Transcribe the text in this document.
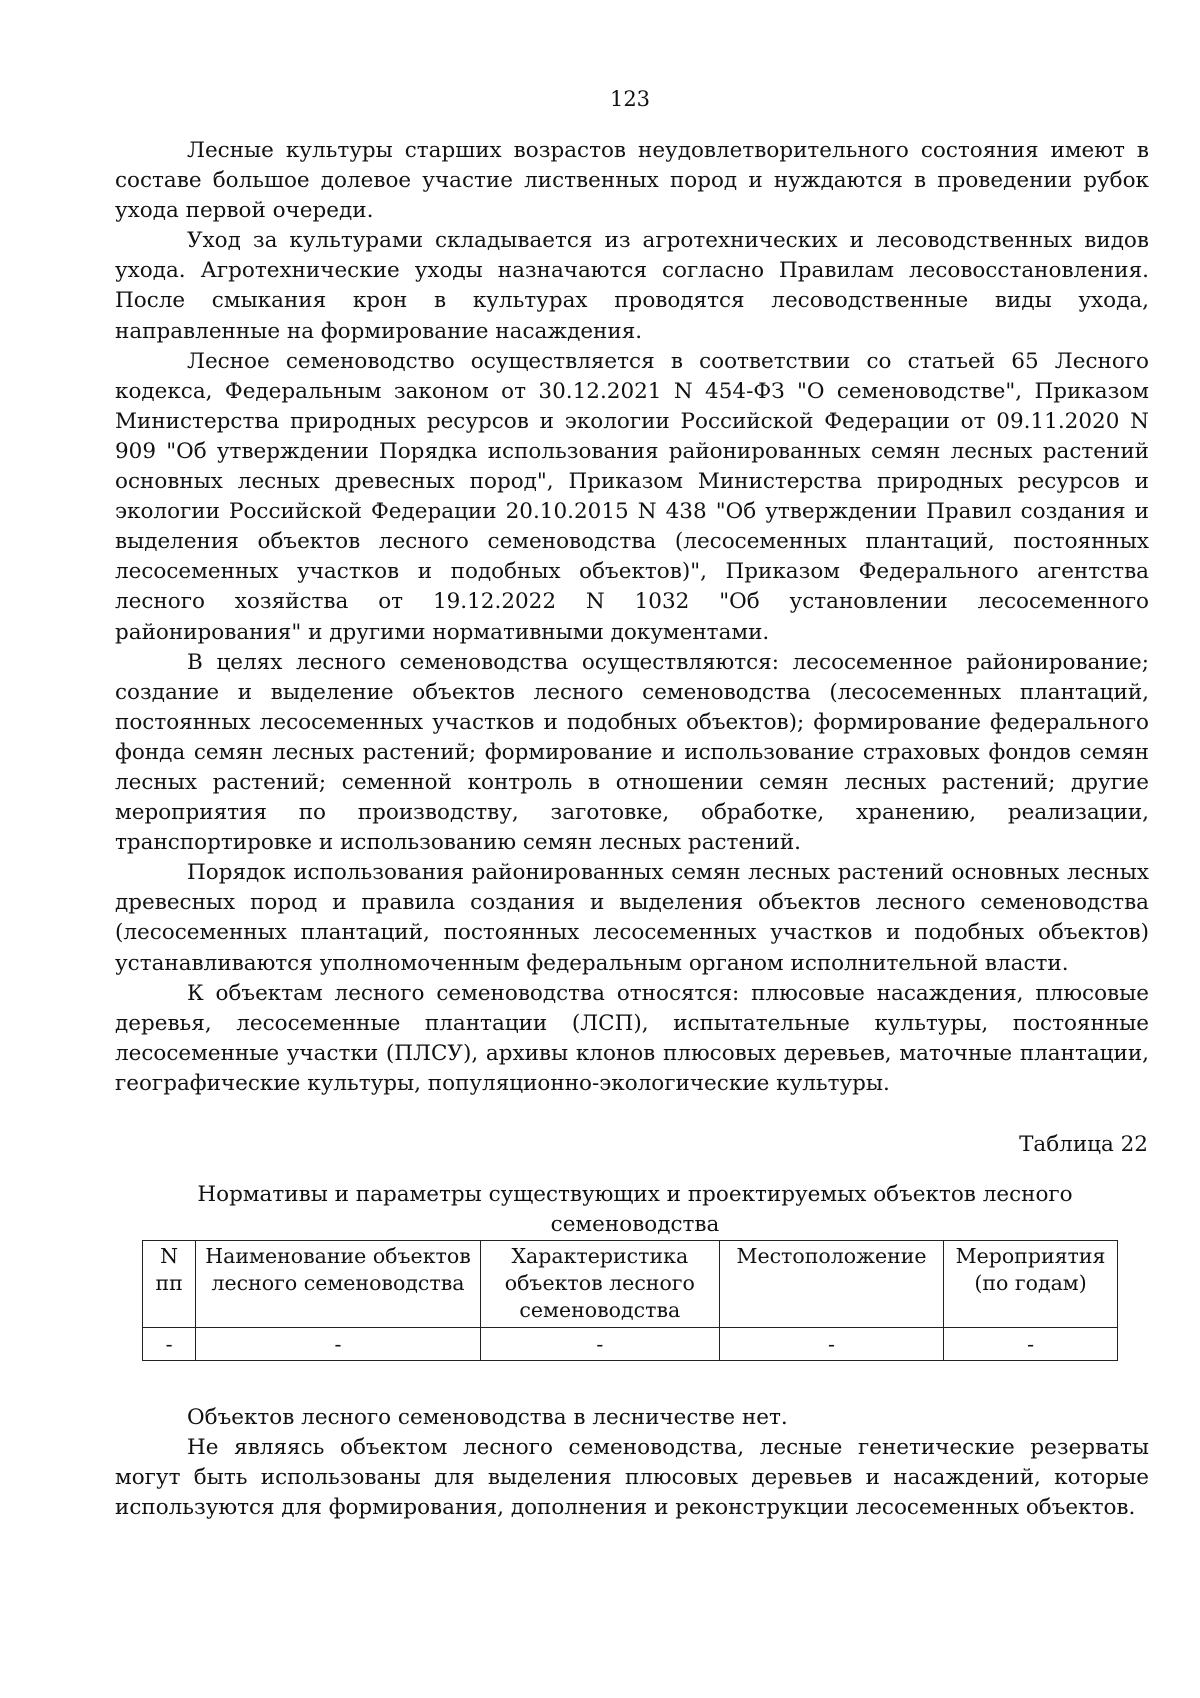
123

Лесные культуры старших возрастов неудовлетворительного состояния имеют в составе большое долевое участие лиственных пород и нуждаются в проведении рубок ухода первой очереди.

Уход за культурами складывается из агротехнических и лесоводственных видов ухода. Агротехнические уходы назначаются согласно Правилам лесовосстановления. После смыкания крон в культурах проводятся лесоводственные виды ухода, направленные на формирование насаждения.

Лесное семеноводство осуществляется в соответствии со статьей 65 Лесного кодекса, Федеральным законом от 30.12.2021 N 454-ФЗ "О семеноводстве", Приказом Министерства природных ресурсов и экологии Российской Федерации от 09.11.2020 N 909 "Об утверждении Порядка использования районированных семян лесных растений основных лесных древесных пород", Приказом Министерства природных ресурсов и экологии Российской Федерации 20.10.2015 N 438 "Об утверждении Правил создания и выделения объектов лесного семеноводства (лесосеменных плантаций, постоянных лесосеменных участков и подобных объектов)", Приказом Федерального агентства лесного хозяйства от 19.12.2022 N 1032 "Об установлении лесосеменного районирования" и другими нормативными документами.

В целях лесного семеноводства осуществляются: лесосеменное районирование; создание и выделение объектов лесного семеноводства (лесосеменных плантаций, постоянных лесосеменных участков и подобных объектов); формирование федерального фонда семян лесных растений; формирование и использование страховых фондов семян лесных растений; семенной контроль в отношении семян лесных растений; другие мероприятия по производству, заготовке, обработке, хранению, реализации, транспортировке и использованию семян лесных растений.

Порядок использования районированных семян лесных растений основных лесных древесных пород и правила создания и выделения объектов лесного семеноводства (лесосеменных плантаций, постоянных лесосеменных участков и подобных объектов) устанавливаются уполномоченным федеральным органом исполнительной власти.

К объектам лесного семеноводства относятся: плюсовые насаждения, плюсовые деревья, лесосеменные плантации (ЛСП), испытательные культуры, постоянные лесосеменные участки (ПЛСУ), архивы клонов плюсовых деревьев, маточные плантации, географические культуры, популяционно-экологические культуры.

Таблица 22
Нормативы и параметры существующих и проектируемых объектов лесного семеноводства
N пп	Наименование объектов лесного семеноводства	Характеристика объектов лесного семеноводства	Местоположение	Мероприятия (по годам)
-	-	-	-	-

Объектов лесного семеноводства в лесничестве нет.

Не являясь объектом лесного семеноводства, лесные генетические резерваты могут быть использованы для выделения плюсовых деревьев и насаждений, которые используются для формирования, дополнения и реконструкции лесосеменных объектов.
